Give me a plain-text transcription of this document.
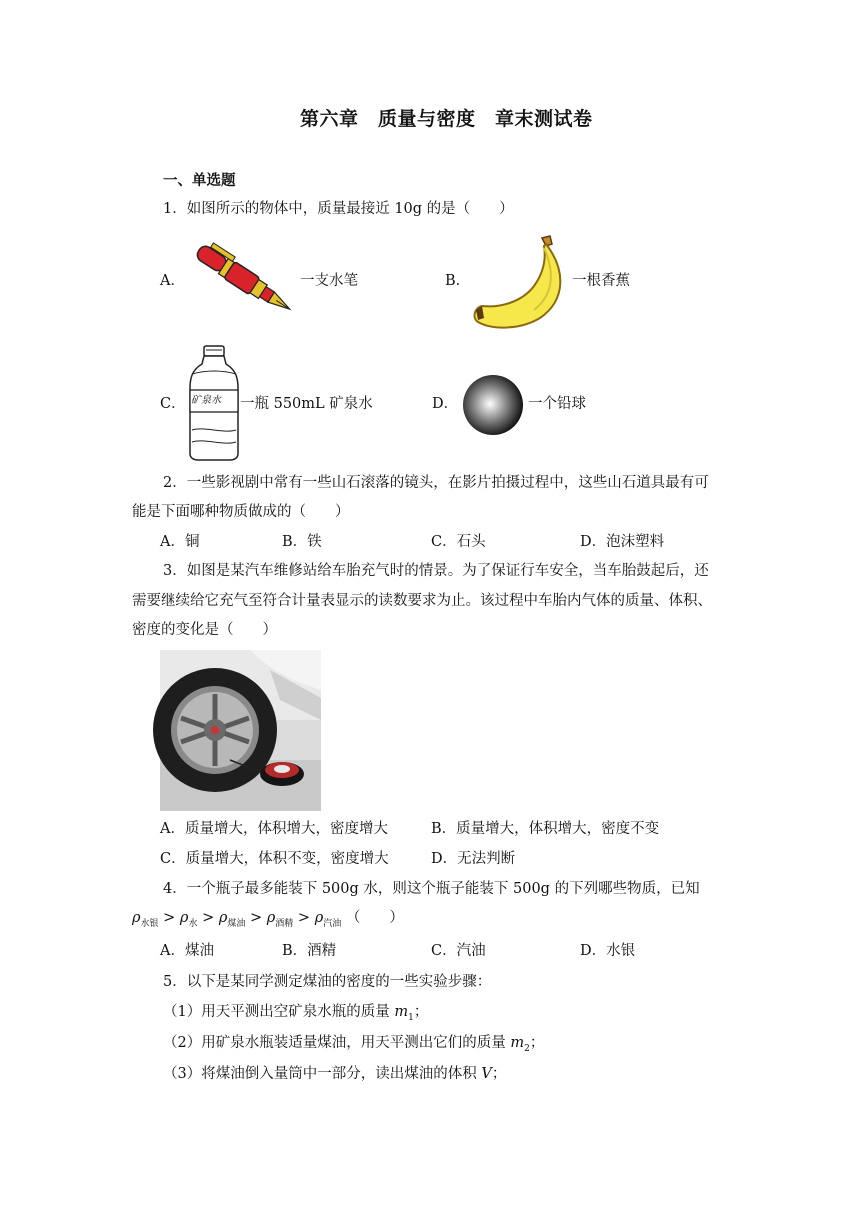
第六章　质量与密度　章末测试卷
一、单选题
1．如图所示的物体中，质量最接近 10g 的是（　　）
A．	一支水笔	B．	一根香蕉
C． 矿泉水 一瓶 550mL 矿泉水	D．	一个铅球
2．一些影视剧中常有一些山石滚落的镜头，在影片拍摄过程中，这些山石道具最有可
能是下面哪种物质做成的（　　）
A．铜	B．铁	C．石头	D．泡沫塑料
3．如图是某汽车维修站给车胎充气时的情景。为了保证行车安全，当车胎鼓起后，还
需要继续给它充气至符合计量表显示的读数要求为止。该过程中车胎内气体的质量、体积、
密度的变化是（　　）
A．质量增大，体积增大，密度增大	B．质量增大，体积增大，密度不变
C．质量增大，体积不变，密度增大	D．无法判断
4．一个瓶子最多能装下 500g 水，则这个瓶子能装下 500g 的下列哪些物质，已知
$\rho_{水银} > \rho_水 > \rho_{煤油} > \rho_{酒精} > \rho_{汽油}$ （　　）
A．煤油	B．酒精	C．汽油	D．水银
5．以下是某同学测定煤油的密度的一些实验步骤：
（1）用天平测出空矿泉水瓶的质量 $m_1$；
（2）用矿泉水瓶装适量煤油，用天平测出它们的质量 $m_2$；
（3）将煤油倒入量筒中一部分，读出煤油的体积 V；
